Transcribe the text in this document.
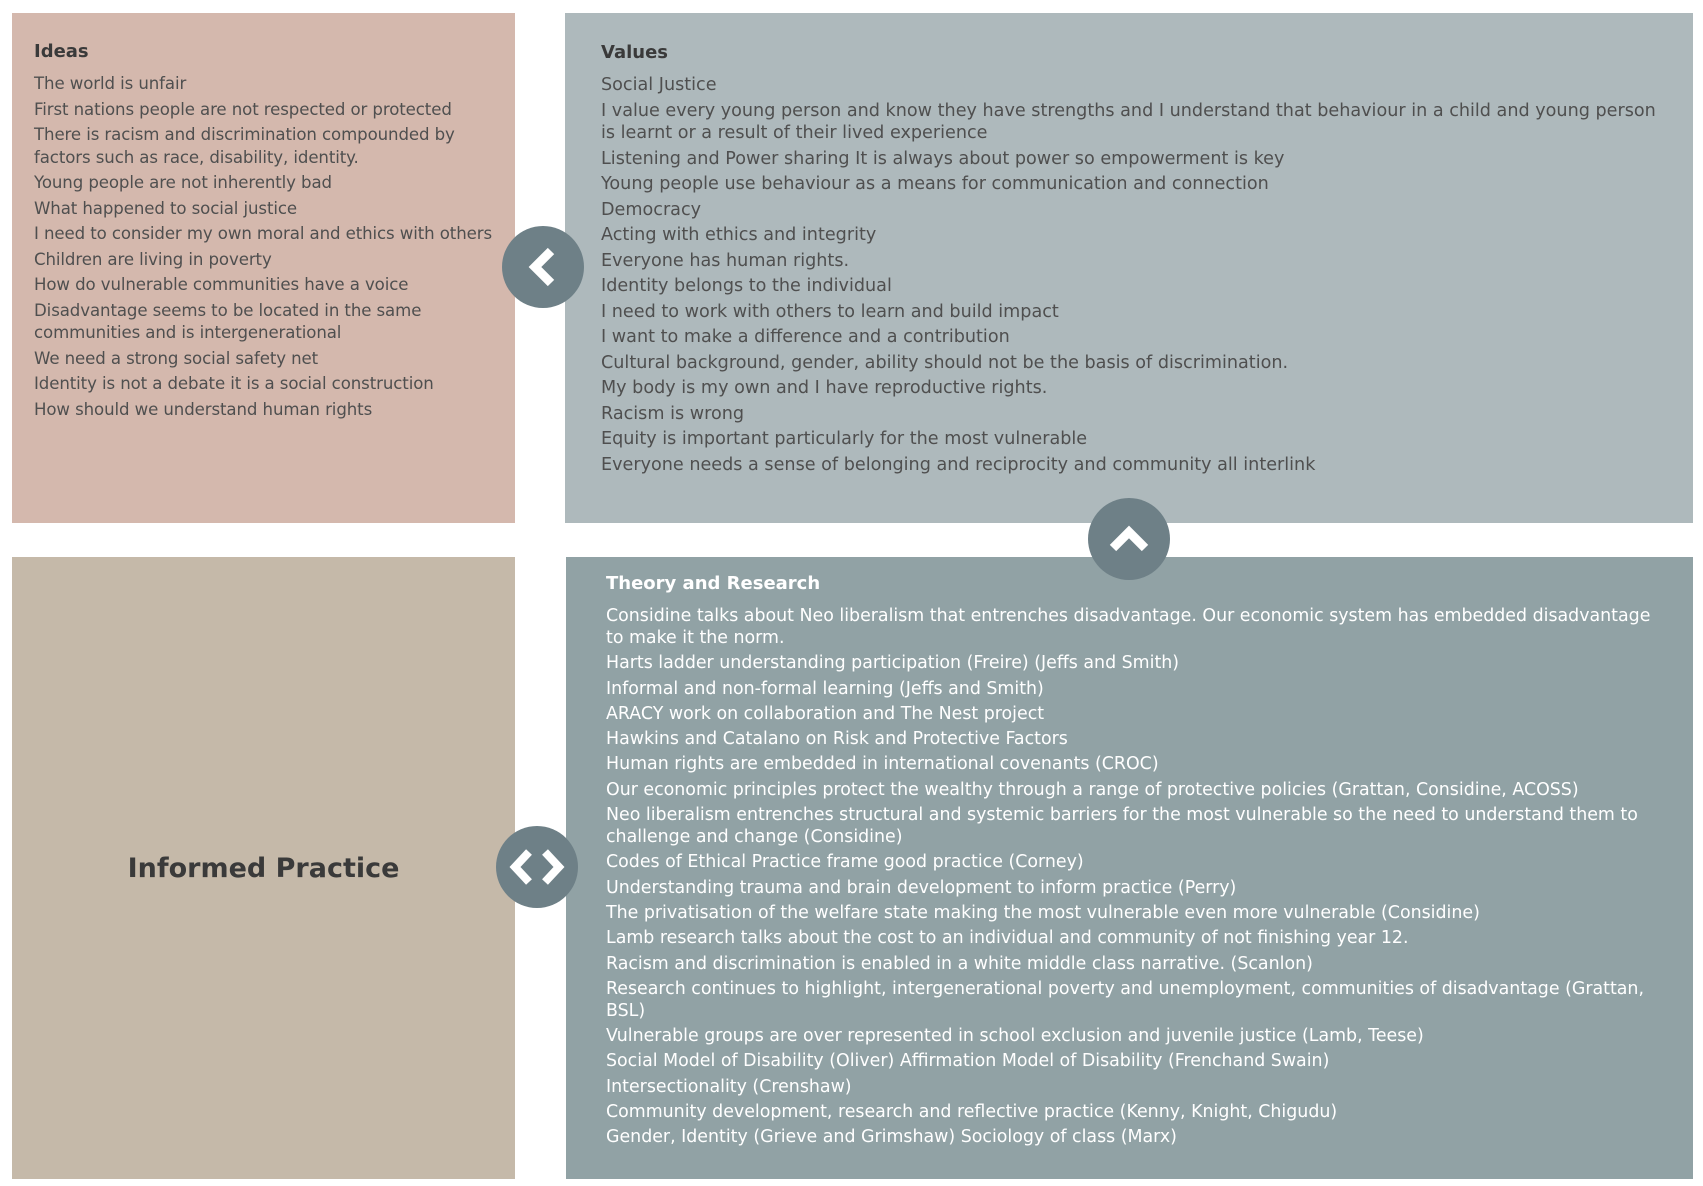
Ideas
The world is unfair
First nations people are not respected or protected
There is racism and discrimination compounded by factors such as race, disability, identity.
Young people are not inherently bad
What happened to social justice
I need to consider my own moral and ethics with others
Children are living in poverty
How do vulnerable communities have a voice
Disadvantage seems to be located in the same communities and is intergenerational
We need a strong social safety net
Identity is not a debate it is a social construction
How should we understand human rights
Values
Social Justice
I value every young person and know they have strengths and I understand that behaviour in a child and young person is learnt or a result of their lived experience
Listening and Power sharing It is always about power so empowerment is key
Young people use behaviour as a means for communication and connection
Democracy
Acting with ethics and integrity
Everyone has human rights.
Identity belongs to the individual
I need to work with others to learn and build impact
I want to make a difference and a contribution
Cultural background, gender, ability should not be the basis of discrimination.
My body is my own and I have reproductive rights.
Racism is wrong
Equity is important particularly for the most vulnerable
Everyone needs a sense of belonging and reciprocity and community all interlink
Informed Practice
Theory and Research
Considine talks about Neo liberalism that entrenches disadvantage. Our economic system has embedded disadvantage to make it the norm.
Harts ladder understanding participation (Freire) (Jeffs and Smith)
Informal and non-formal learning (Jeffs and Smith)
ARACY work on collaboration and The Nest project
Hawkins and Catalano on Risk and Protective Factors
Human rights are embedded in international covenants (CROC)
Our economic principles protect the wealthy through a range of protective policies (Grattan, Considine, ACOSS)
Neo liberalism entrenches structural and systemic barriers for the most vulnerable so the need to understand them to challenge and change (Considine)
Codes of Ethical Practice frame good practice (Corney)
Understanding trauma and brain development to inform practice (Perry)
The privatisation of the welfare state making the most vulnerable even more vulnerable (Considine)
Lamb research talks about the cost to an individual and community of not finishing year 12.
Racism and discrimination is enabled in a white middle class narrative. (Scanlon)
Research continues to highlight, intergenerational poverty and unemployment, communities of disadvantage (Grattan, BSL)
Vulnerable groups are over represented in school exclusion and juvenile justice (Lamb, Teese)
Social Model of Disability (Oliver) Affirmation Model of Disability (Frenchand Swain)
Intersectionality (Crenshaw)
Community development, research and reflective practice (Kenny, Knight, Chigudu)
Gender, Identity (Grieve and Grimshaw) Sociology of class (Marx)
